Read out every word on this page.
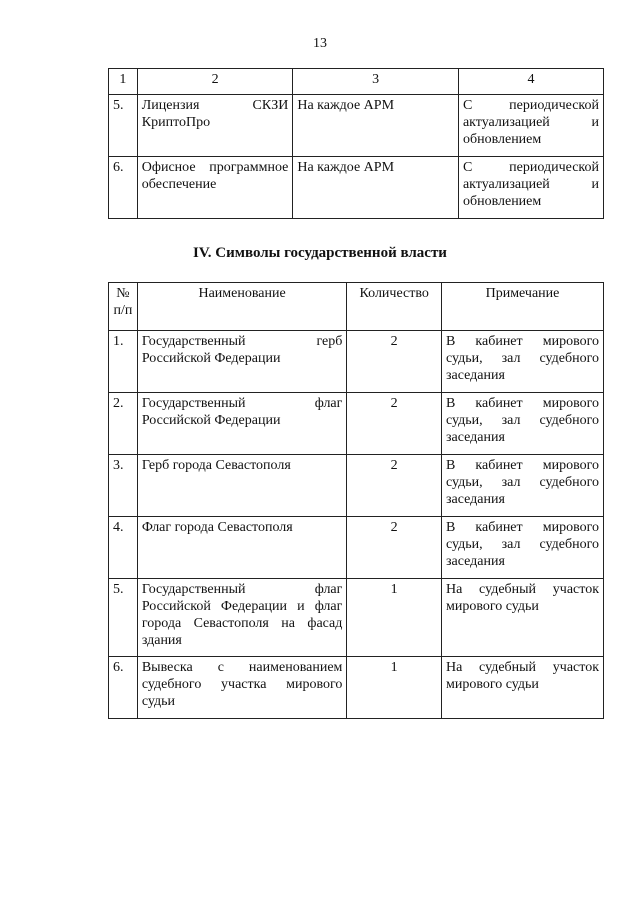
13
1	2	3	4

5.	Лицензия СКЗИ КриптоПро	На каждое АРМ	С периодической актуализацией и обновлением

6.	Офисное программное обеспечение	На каждое АРМ	С периодической актуализацией и обновлением
IV. Символы государственной власти
№ п/п	Наименование	Количество	Примечание

1.	Государственный герб Российской Федерации	2	В кабинет мирового судьи, зал судебного заседания

2.	Государственный флаг Российской Федерации	2	В кабинет мирового судьи, зал судебного заседания

3.	Герб города Севастополя	2	В кабинет мирового судьи, зал судебного заседания

4.	Флаг города Севастополя	2	В кабинет мирового судьи, зал судебного заседания

5.	Государственный флаг Российской Федерации и флаг города Севастополя на фасад здания	1	На судебный участок мирового судьи

6.	Вывеска с наименованием судебного участка мирового судьи	1	На судебный участок мирового судьи
